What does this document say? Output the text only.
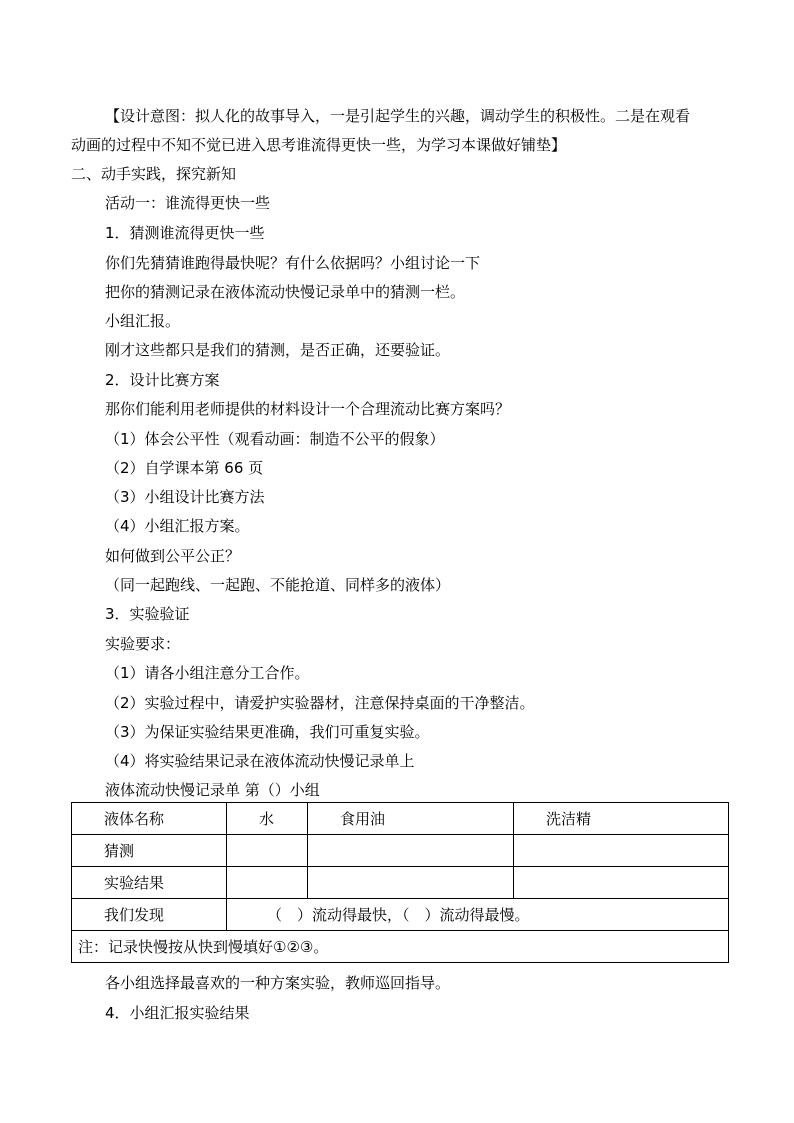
【设计意图：拟人化的故事导入，一是引起学生的兴趣，调动学生的积极性。二是在观看
动画的过程中不知不觉已进入思考谁流得更快一些，为学习本课做好铺垫】
二、动手实践，探究新知
活动一：谁流得更快一些
1．猜测谁流得更快一些
你们先猜猜谁跑得最快呢？有什么依据吗？小组讨论一下
把你的猜测记录在液体流动快慢记录单中的猜测一栏。
小组汇报。
刚才这些都只是我们的猜测，是否正确，还要验证。
2．设计比赛方案
那你们能利用老师提供的材料设计一个合理流动比赛方案吗？
（1）体会公平性（观看动画：制造不公平的假象）
（2）自学课本第 66 页
（3）小组设计比赛方法
（4）小组汇报方案。
如何做到公平公正？
（同一起跑线、一起跑、不能抢道、同样多的液体）
3．实验验证
实验要求：
（1）请各小组注意分工合作。
（2）实验过程中，请爱护实验器材，注意保持桌面的干净整洁。
（3）为保证实验结果更准确，我们可重复实验。
（4）将实验结果记录在液体流动快慢记录单上
液体流动快慢记录单 第（）小组
液体名称	水	食用油	洗洁精
猜测			
实验结果			
我们发现	（　）流动得最快，（　）流动得最慢。		
注：记录快慢按从快到慢填好①②③。			
各小组选择最喜欢的一种方案实验，教师巡回指导。
4．小组汇报实验结果
